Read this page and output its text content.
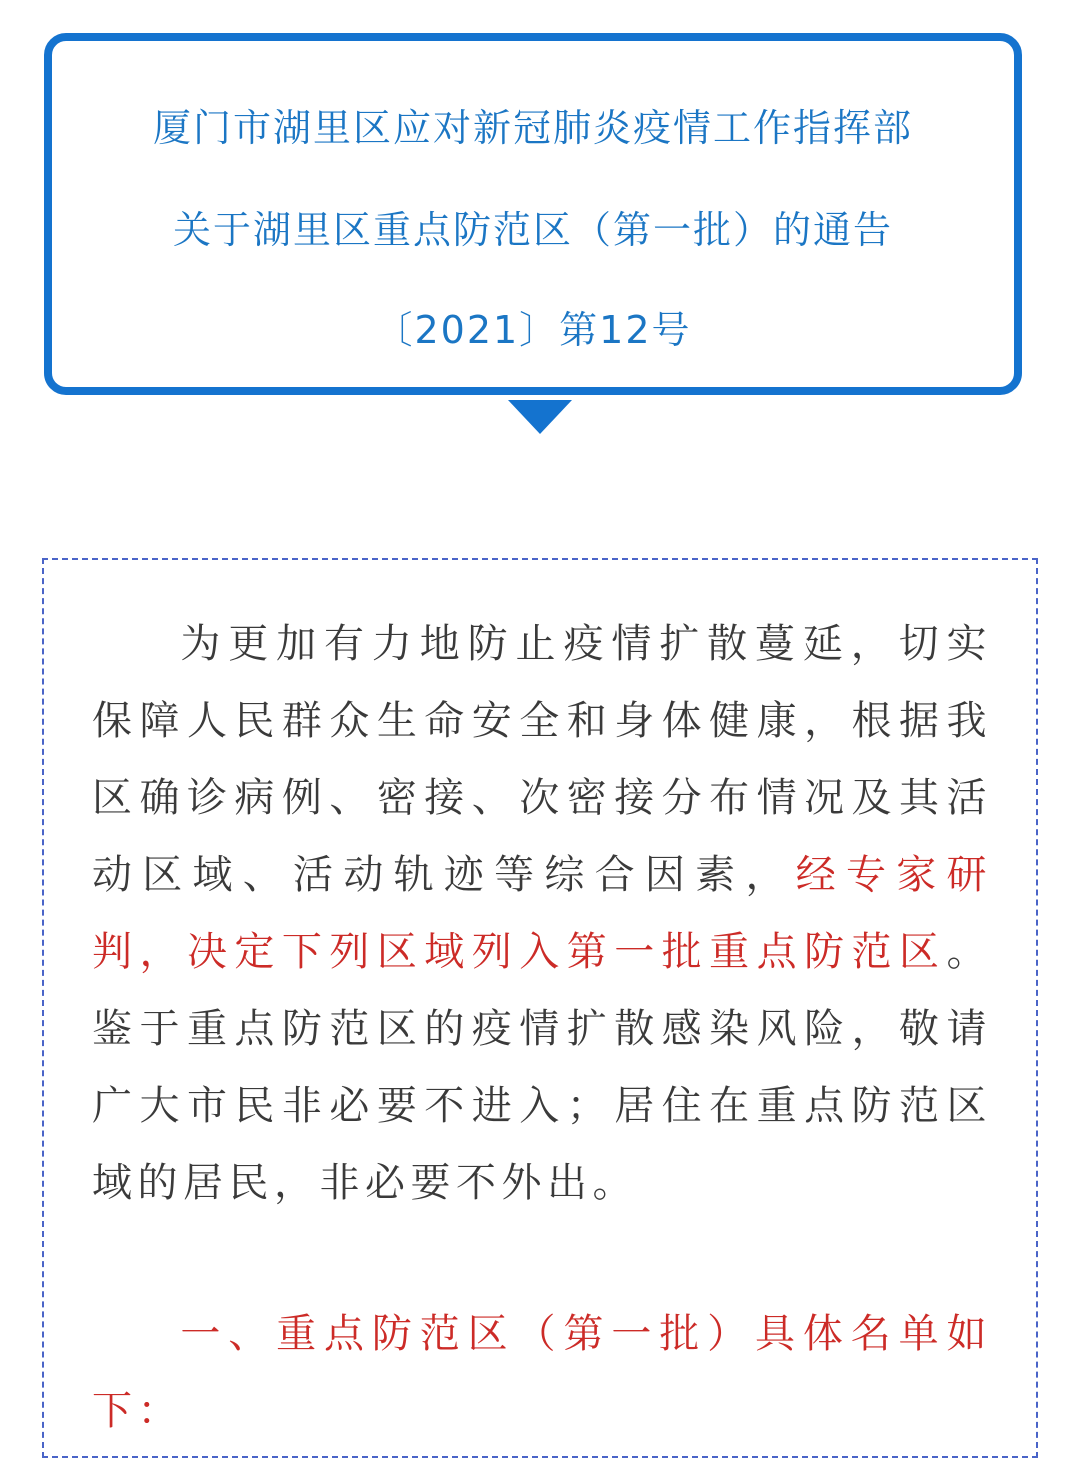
厦门市湖里区应对新冠肺炎疫情工作指挥部
关于湖里区重点防范区（第一批）的通告
〔2021〕第12号

为更加有力地防止疫情扩散蔓延，切实保障人民群众生命安全和身体健康，根据我区确诊病例、密接、次密接分布情况及其活动区域、活动轨迹等综合因素，经专家研判，决定下列区域列入第一批重点防范区。鉴于重点防范区的疫情扩散感染风险，敬请广大市民非必要不进入；居住在重点防范区域的居民，非必要不外出。

一、重点防范区（第一批）具体名单如下：
